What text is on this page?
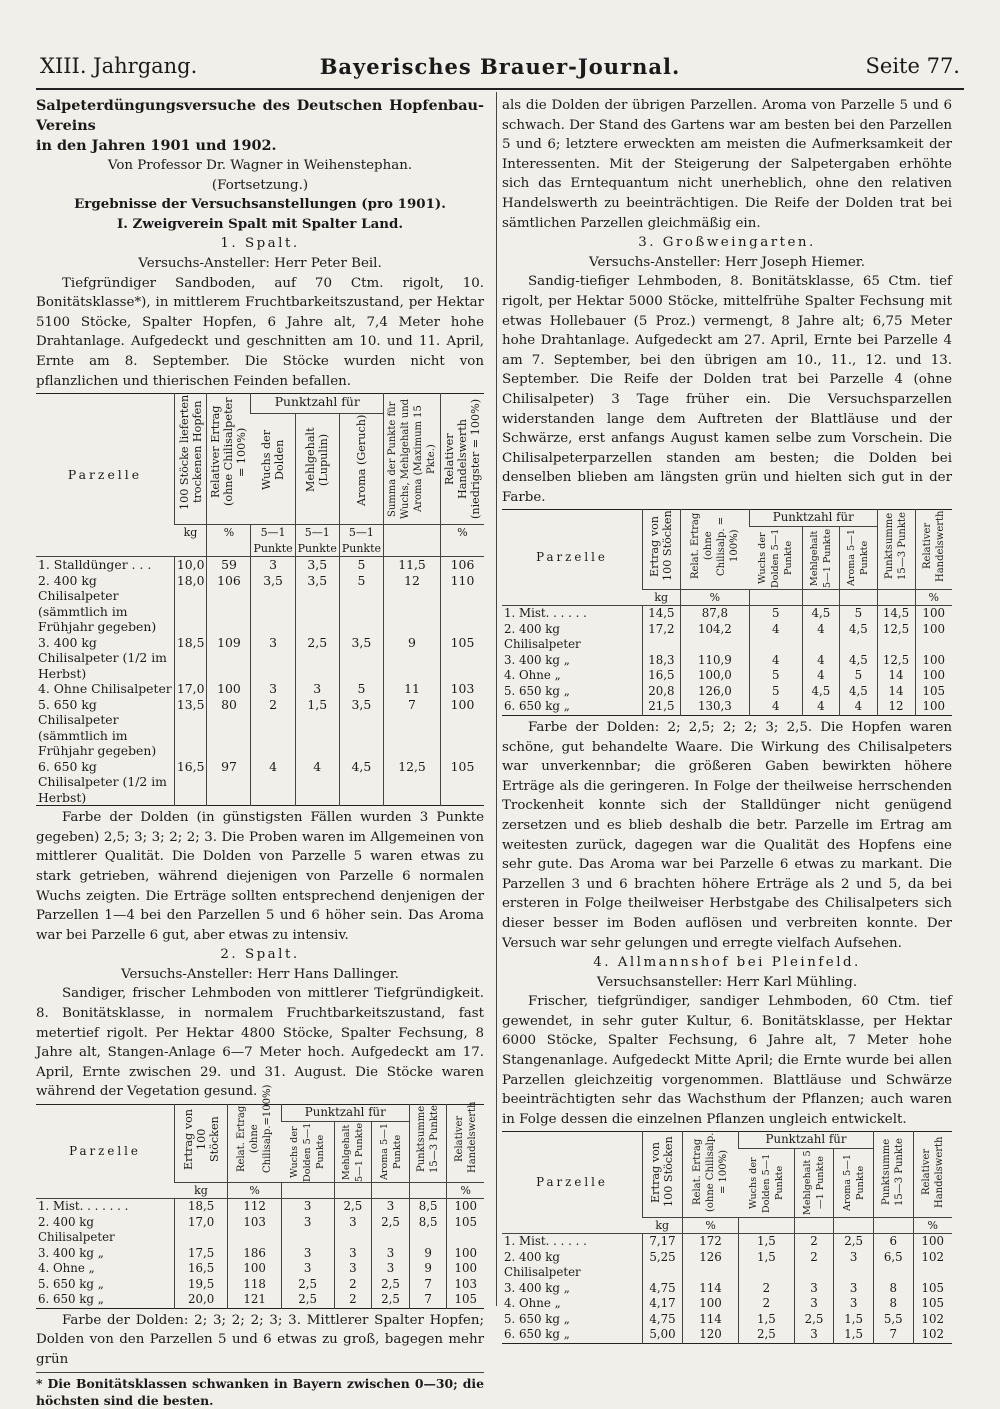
XIII. Jahrgang.	Bayerisches Brauer-Journal.	Seite 77.

Salpeterdüngungsversuche des Deutschen Hopfenbau-Vereins

in den Jahren 1901 und 1902.

Von Professor Dr. Wagner in Weihenstephan.

(Fortsetzung.)

Ergebnisse der Versuchsanstellungen (pro 1901).

I. Zweigverein Spalt mit Spalter Land.

1. Spalt.

Versuchs-Ansteller: Herr Peter Beil.

Tiefgründiger Sandboden, auf 70 Ctm. rigolt, 10. Bonitätsklasse*), in mittlerem Fruchtbarkeitszustand, per Hektar 5100 Stöcke, Spalter Hopfen, 6 Jahre alt, 7,4 Meter hohe Drahtanlage. Aufgedeckt und geschnitten am 10. und 11. April, Ernte am 8. September. Die Stöcke wurden nicht von pflanzlichen und thierischen Feinden befallen.

Parzelle	100 Stöcke lieferten trockenen Hopfen	Relativer Ertrag (ohne Chilisalpeter = 100%)	Punktzahl für			Summa der Punkte für Wuchs, Mehlgehalt und Aroma (Maximum 15 Pkte.)	Relativer Handelswerth (niedrigster = 100%)

			Wuchs der Dolden	Mehlgehalt (Lupulin)	Aroma (Geruch)		

	kg	%	5—1 Punkte	5—1 Punkte	5—1 Punkte		%
1. Stalldünger . . .	10,0	59	3	3,5	5	11,5	106
2. 400 kg Chilisalpeter (sämmtlich im Frühjahr gegeben)	18,0	106	3,5	3,5	5	12	110
3. 400 kg Chilisalpeter (1/2 im Herbst)	18,5	109	3	2,5	3,5	9	105
4. Ohne Chilisalpeter	17,0	100	3	3	5	11	103
5. 650 kg Chilisalpeter (sämmtlich im Frühjahr gegeben)	13,5	80	2	1,5	3,5	7	100
6. 650 kg Chilisalpeter (1/2 im Herbst)	16,5	97	4	4	4,5	12,5	105

Farbe der Dolden (in günstigsten Fällen wurden 3 Punkte gegeben) 2,5; 3; 3; 2; 2; 3. Die Proben waren im Allgemeinen von mittlerer Qualität. Die Dolden von Parzelle 5 waren etwas zu stark getrieben, während diejenigen von Parzelle 6 normalen Wuchs zeigten. Die Erträge sollten entsprechend denjenigen der Parzellen 1—4 bei den Parzellen 5 und 6 höher sein. Das Aroma war bei Parzelle 6 gut, aber etwas zu intensiv.

2. Spalt.

Versuchs-Ansteller: Herr Hans Dallinger.

Sandiger, frischer Lehmboden von mittlerer Tiefgründigkeit. 8. Bonitätsklasse, in normalem Fruchtbarkeitszustand, fast metertief rigolt. Per Hektar 4800 Stöcke, Spalter Fechsung, 8 Jahre alt, Stangen-Anlage 6—7 Meter hoch. Aufgedeckt am 17. April, Ernte zwischen 29. und 31. August. Die Stöcke waren während der Vegetation gesund.

Parzelle	Ertrag von 100 Stöcken	Relat. Ertrag (ohne Chilisalp.=100%)	Punktzahl für			Punktsumme 15—3 Punkte	Relativer Handelswerth

			Wuchs der Dolden 5—1 Punkte	Mehlgehalt 5—1 Punkte	Aroma 5—1 Punkte		

	kg	%					%
1. Mist. . . . . . .	18,5	112	3	2,5	3	8,5	100
2. 400 kg Chilisalpeter	17,0	103	3	3	2,5	8,5	105
3. 400 kg „	17,5	186	3	3	3	9	100
4. Ohne „	16,5	100	3	3	3	9	100
5. 650 kg „	19,5	118	2,5	2	2,5	7	103
6. 650 kg „	20,0	121	2,5	2	2,5	7	105

Farbe der Dolden: 2; 3; 2; 2; 3; 3. Mittlerer Spalter Hopfen; Dolden von den Parzellen 5 und 6 etwas zu groß, bagegen mehr grün

* Die Bonitätsklassen schwanken in Bayern zwischen 0—30; die höchsten sind die besten.

als die Dolden der übrigen Parzellen. Aroma von Parzelle 5 und 6 schwach. Der Stand des Gartens war am besten bei den Parzellen 5 und 6; letztere erweckten am meisten die Aufmerksamkeit der Interessenten. Mit der Steigerung der Salpetergaben erhöhte sich das Erntequantum nicht unerheblich, ohne den relativen Handelswerth zu beeinträchtigen. Die Reife der Dolden trat bei sämtlichen Parzellen gleichmäßig ein.

3. Großweingarten.

Versuchs-Ansteller: Herr Joseph Hiemer.

Sandig-tiefiger Lehmboden, 8. Bonitätsklasse, 65 Ctm. tief rigolt, per Hektar 5000 Stöcke, mittelfrühe Spalter Fechsung mit etwas Hollebauer (5 Proz.) vermengt, 8 Jahre alt; 6,75 Meter hohe Drahtanlage. Aufgedeckt am 27. April, Ernte bei Parzelle 4 am 7. September, bei den übrigen am 10., 11., 12. und 13. September. Die Reife der Dolden trat bei Parzelle 4 (ohne Chilisalpeter) 3 Tage früher ein. Die Versuchsparzellen widerstanden lange dem Auftreten der Blattläuse und der Schwärze, erst anfangs August kamen selbe zum Vorschein. Die Chilisalpeterparzellen standen am besten; die Dolden bei denselben blieben am längsten grün und hielten sich gut in der Farbe.

Parzelle	Ertrag von 100 Stöcken	Relat. Ertrag (ohne Chilisalp. = 100%)	Punktzahl für			Punktsumme 15—3 Punkte	Relativer Handelswerth

			Wuchs der Dolden 5—1 Punkte	Mehlgehalt 5—1 Punkte	Aroma 5—1 Punkte		

	kg	%					%
1. Mist. . . . . .	14,5	87,8	5	4,5	5	14,5	100
2. 400 kg Chilisalpeter	17,2	104,2	4	4	4,5	12,5	100
3. 400 kg „	18,3	110,9	4	4	4,5	12,5	100
4. Ohne „	16,5	100,0	5	4	5	14	100
5. 650 kg „	20,8	126,0	5	4,5	4,5	14	105
6. 650 kg „	21,5	130,3	4	4	4	12	100

Farbe der Dolden: 2; 2,5; 2; 2; 3; 2,5. Die Hopfen waren schöne, gut behandelte Waare. Die Wirkung des Chilisalpeters war unverkennbar; die größeren Gaben bewirkten höhere Erträge als die geringeren. In Folge der theilweise herrschenden Trockenheit konnte sich der Stalldünger nicht genügend zersetzen und es blieb deshalb die betr. Parzelle im Ertrag am weitesten zurück, dagegen war die Qualität des Hopfens eine sehr gute. Das Aroma war bei Parzelle 6 etwas zu markant. Die Parzellen 3 und 6 brachten höhere Erträge als 2 und 5, da bei ersteren in Folge theilweiser Herbstgabe des Chilisalpeters sich dieser besser im Boden auflösen und verbreiten konnte. Der Versuch war sehr gelungen und erregte vielfach Aufsehen.

4. Allmannshof bei Pleinfeld.

Versuchsansteller: Herr Karl Mühling.

Frischer, tiefgründiger, sandiger Lehmboden, 60 Ctm. tief gewendet, in sehr guter Kultur, 6. Bonitätsklasse, per Hektar 6000 Stöcke, Spalter Fechsung, 6 Jahre alt, 7 Meter hohe Stangenanlage. Aufgedeckt Mitte April; die Ernte wurde bei allen Parzellen gleichzeitig vorgenommen. Blattläuse und Schwärze beeinträchtigten sehr das Wachsthum der Pflanzen; auch waren in Folge dessen die einzelnen Pflanzen ungleich entwickelt.

Parzelle	Ertrag von 100 Stöcken	Relat. Ertrag (ohne Chilisalp. = 100%)	Punktzahl für			Punktsumme 15—3 Punkte	Relativer Handelswerth

			Wuchs der Dolden 5—1 Punkte	Mehlgehalt 5—1 Punkte	Aroma 5—1 Punkte		

	kg	%					%
1. Mist. . . . . .	7,17	172	1,5	2	2,5	6	100
2. 400 kg Chilisalpeter	5,25	126	1,5	2	3	6,5	102
3. 400 kg „	4,75	114	2	3	3	8	105
4. Ohne „	4,17	100	2	3	3	8	105
5. 650 kg „	4,75	114	1,5	2,5	1,5	5,5	102
6. 650 kg „	5,00	120	2,5	3	1,5	7	102
